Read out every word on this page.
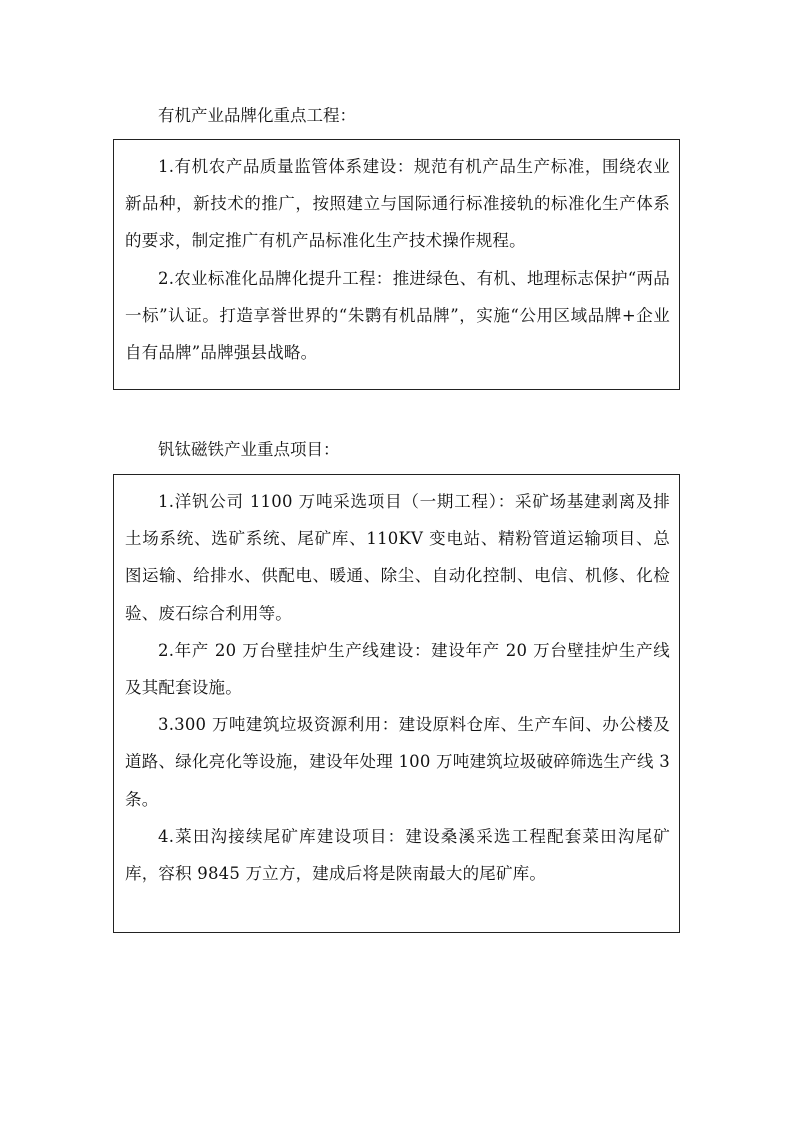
有机产业品牌化重点工程：

1.有机农产品质量监管体系建设：规范有机产品生产标准，围绕农业新品种，新技术的推广，按照建立与国际通行标准接轨的标准化生产体系的要求，制定推广有机产品标准化生产技术操作规程。

2.农业标准化品牌化提升工程：推进绿色、有机、地理标志保护“两品一标”认证。打造享誉世界的“朱鹮有机品牌”，实施“公用区域品牌+企业自有品牌”品牌强县战略。

钒钛磁铁产业重点项目：

1.洋钒公司 1100 万吨采选项目（一期工程）：采矿场基建剥离及排土场系统、选矿系统、尾矿库、110KV 变电站、精粉管道运输项目、总图运输、给排水、供配电、暖通、除尘、自动化控制、电信、机修、化检验、废石综合利用等。

2.年产 20 万台壁挂炉生产线建设：建设年产 20 万台壁挂炉生产线及其配套设施。

3.300 万吨建筑垃圾资源利用：建设原料仓库、生产车间、办公楼及道路、绿化亮化等设施，建设年处理 100 万吨建筑垃圾破碎筛选生产线 3 条。

4.菜田沟接续尾矿库建设项目：建设桑溪采选工程配套菜田沟尾矿库，容积 9845 万立方，建成后将是陕南最大的尾矿库。
